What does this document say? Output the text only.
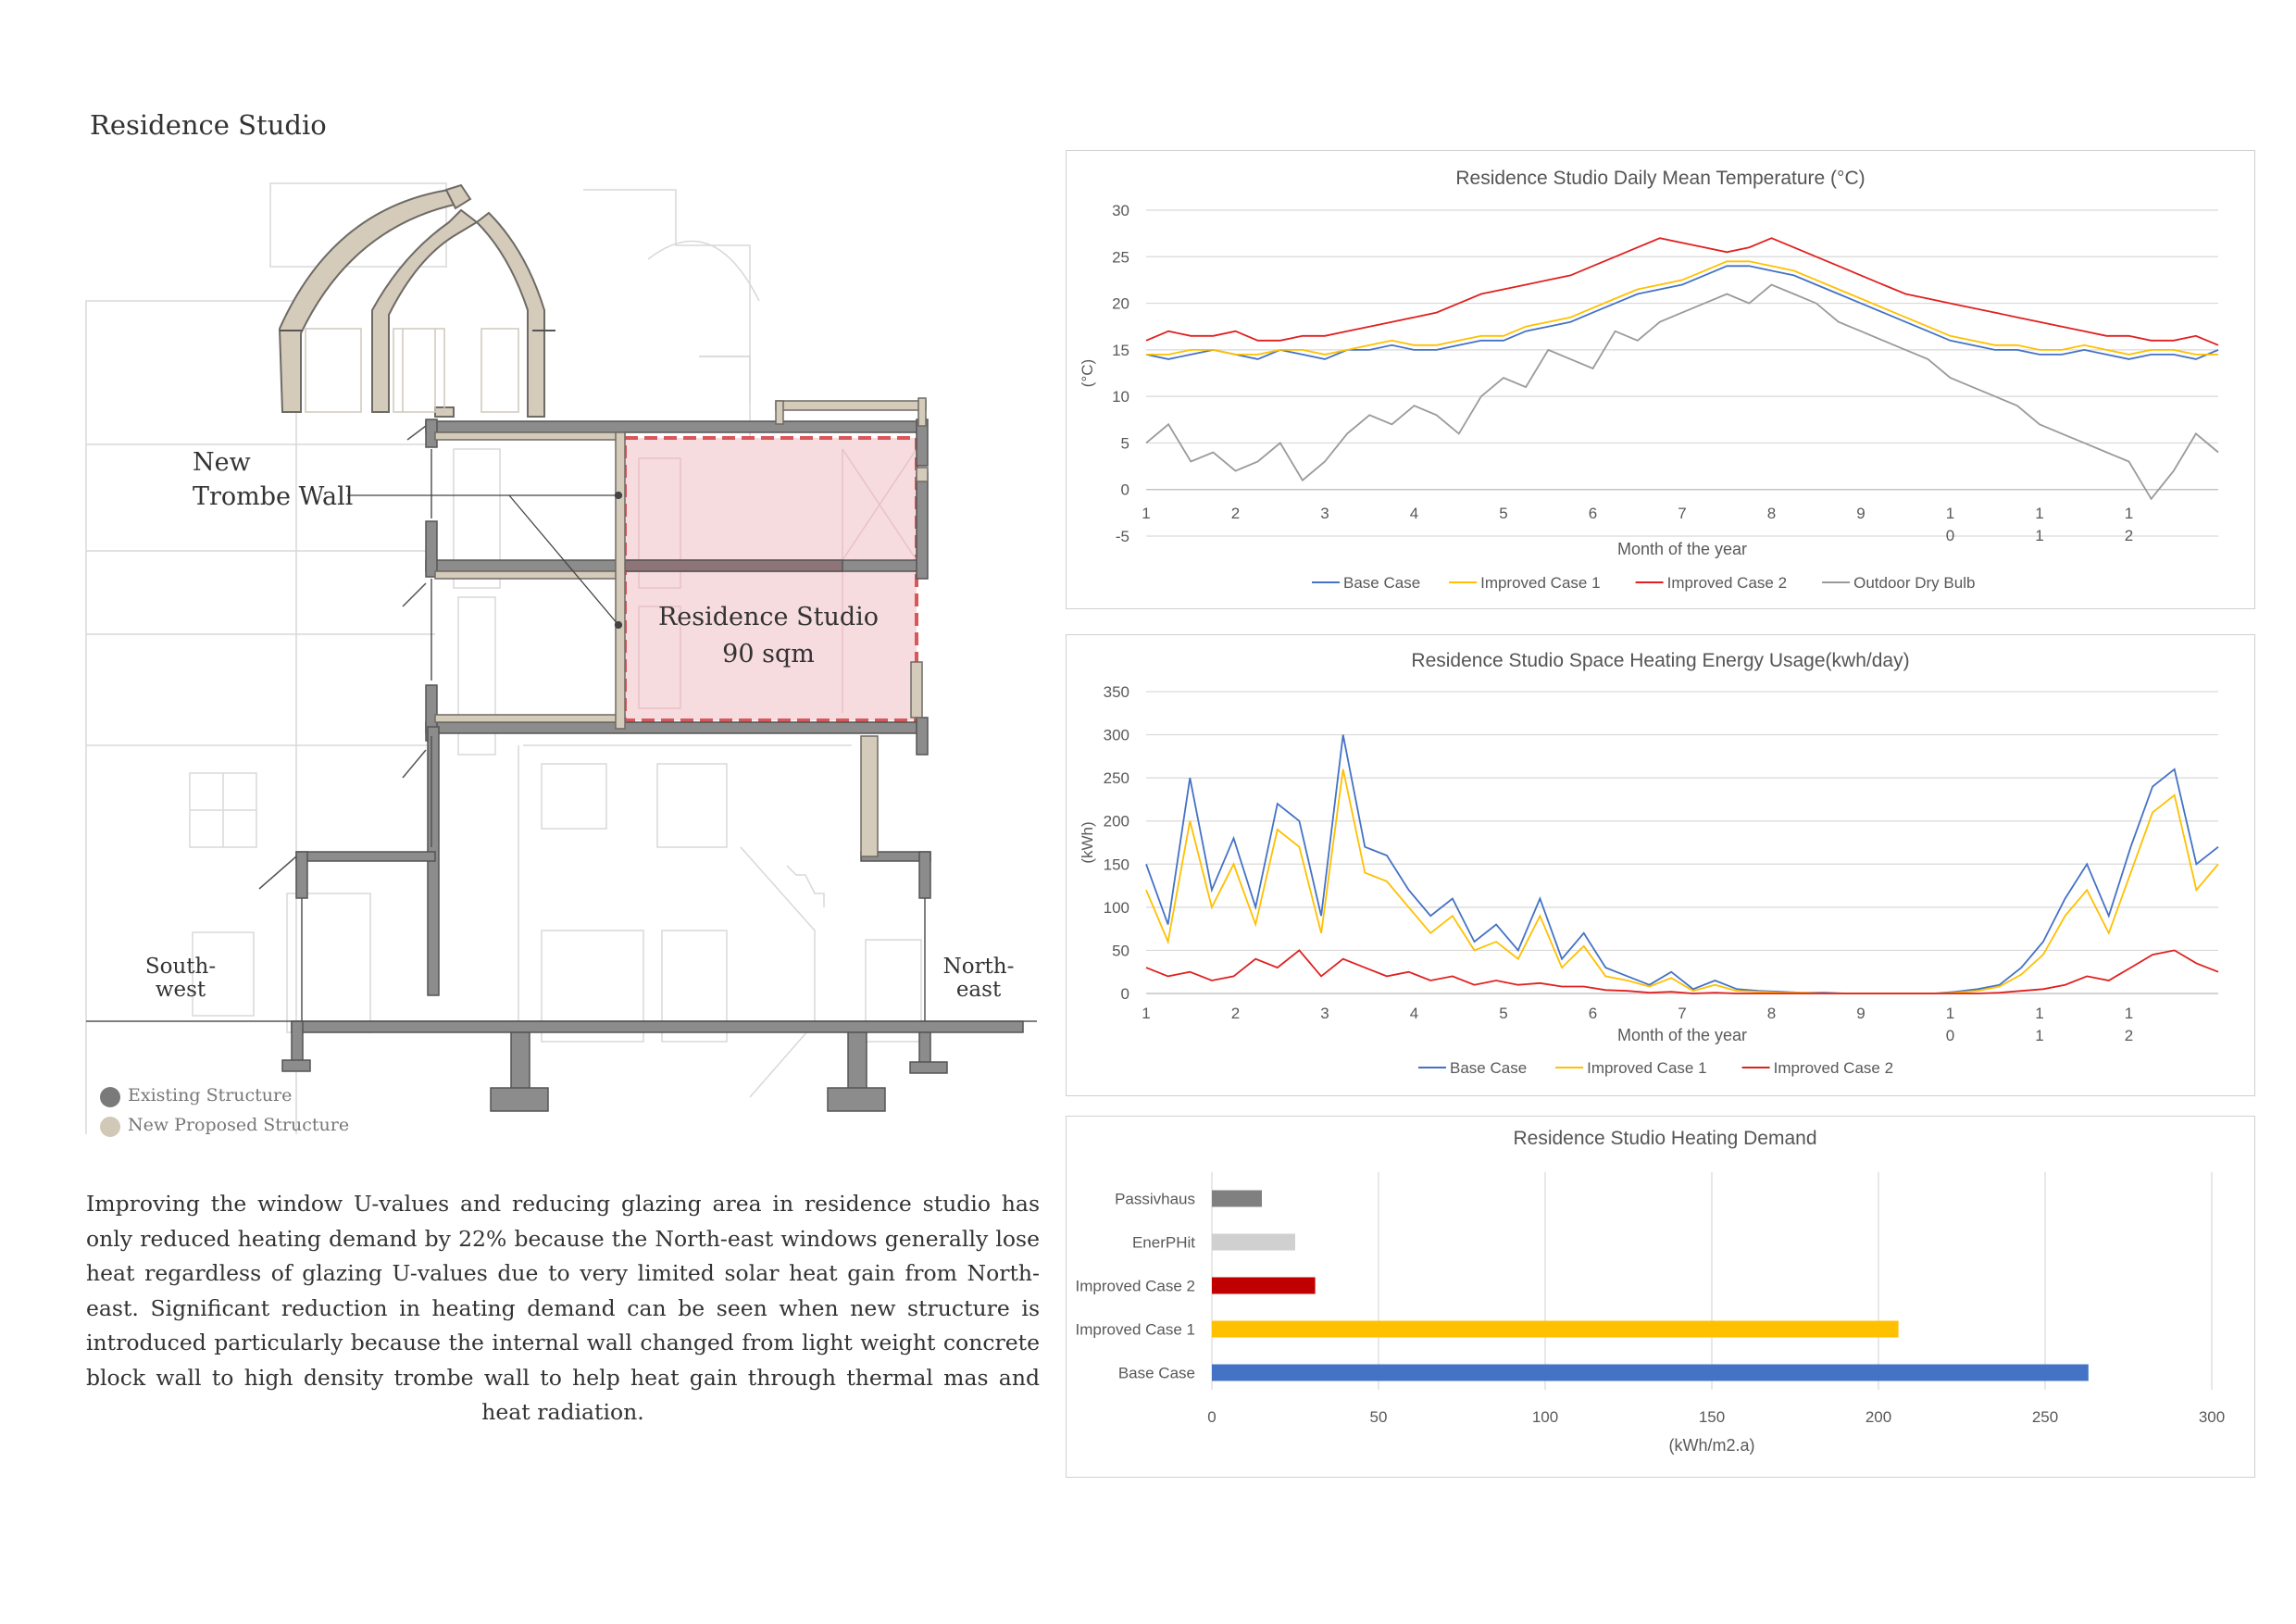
Residence Studio
New
Trombe Wall
Residence Studio
90 sqm
South-
west
North-
east
Existing Structure
New Proposed Structure
Improving the window U-values and reducing glazing area in residence studio has only reduced heating demand by 22% because the North-east windows generally lose heat regardless of glazing U-values due to very limited solar heat gain from North-east. Significant reduction in heating demand can be seen when new structure is introduced particularly because the internal wall changed from light weight concrete block wall to high density trombe wall to help heat gain through thermal mas and heat radiation.
Residence Studio Daily Mean Temperature (°C)
30
25
20
15
10
5
0
-5
1	2	3	4	5	6	7	8	9	1
0
1
1
1
2
Month of the year
(°C)
Base Case	Improved Case 1	Improved Case 2	Outdoor Dry Bulb
Residence Studio Space Heating Energy Usage(kwh/day)
350
300
250
200
150
100
50
0
1	2	3	4	5	6	7	8	9	1
0
1
1
1
2
Month of the year
(kWh)
Base Case	Improved Case 1	Improved Case 2
Residence Studio Heating Demand
0	50	100	150	200	250	300
(kWh/m2.a)
Passivhaus
EnerPHit
Improved Case 2
Improved Case 1
Base Case
